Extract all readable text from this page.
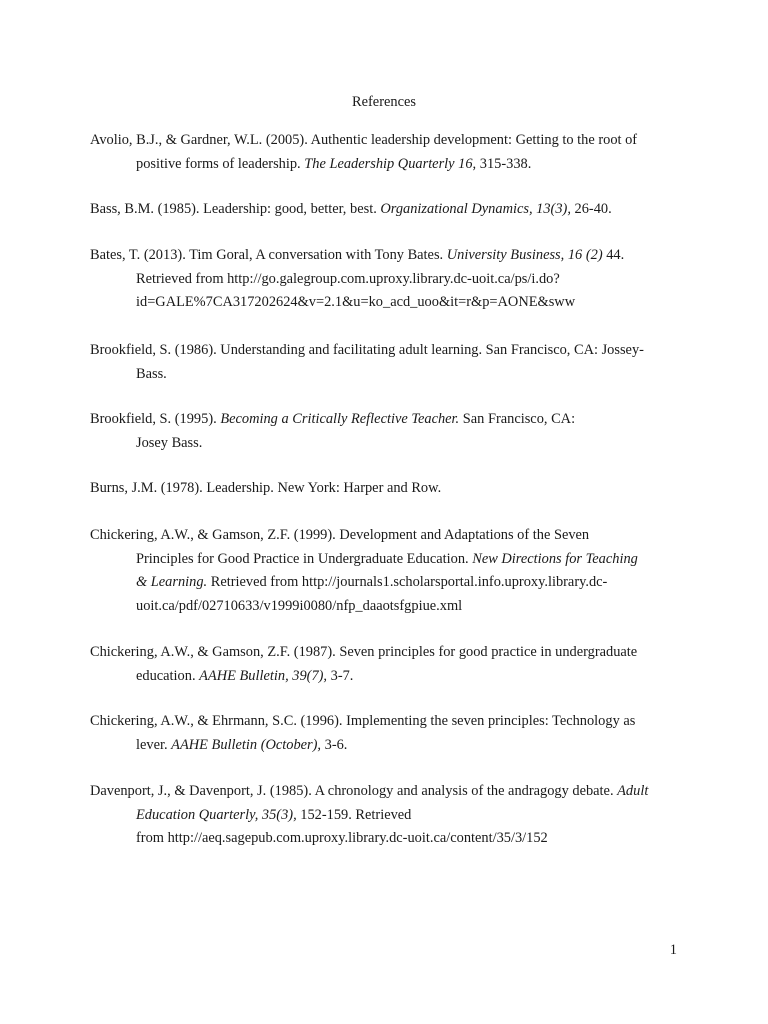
References
Avolio, B.J., & Gardner, W.L. (2005). Authentic leadership development: Getting to the root of
positive forms of leadership. The Leadership Quarterly 16, 315-338.
Bass, B.M. (1985). Leadership: good, better, best. Organizational Dynamics, 13(3), 26-40.
Bates, T. (2013). Tim Goral, A conversation with Tony Bates. University Business, 16 (2) 44.
Retrieved from http://go.galegroup.com.uproxy.library.dc-uoit.ca/ps/i.do?
id=GALE%7CA317202624&v=2.1&u=ko_acd_uoo&it=r&p=AONE&sww
Brookfield, S. (1986). Understanding and facilitating adult learning. San Francisco, CA: Jossey-
Bass.
Brookfield, S. (1995). Becoming a Critically Reflective Teacher. San Francisco, CA:
Josey Bass.
Burns, J.M. (1978). Leadership. New York: Harper and Row.
Chickering, A.W., & Gamson, Z.F. (1999). Development and Adaptations of the Seven
Principles for Good Practice in Undergraduate Education. New Directions for Teaching
& Learning. Retrieved from http://journals1.scholarsportal.info.uproxy.library.dc-
uoit.ca/pdf/02710633/v1999i0080/nfp_daaotsfgpiue.xml
Chickering, A.W., & Gamson, Z.F. (1987). Seven principles for good practice in undergraduate
education. AAHE Bulletin, 39(7), 3-7.
Chickering, A.W., & Ehrmann, S.C. (1996). Implementing the seven principles: Technology as
lever. AAHE Bulletin (October), 3-6.
Davenport, J., & Davenport, J. (1985). A chronology and analysis of the andragogy debate. Adult
Education Quarterly, 35(3), 152-159. Retrieved
from http://aeq.sagepub.com.uproxy.library.dc-uoit.ca/content/35/3/152
1
